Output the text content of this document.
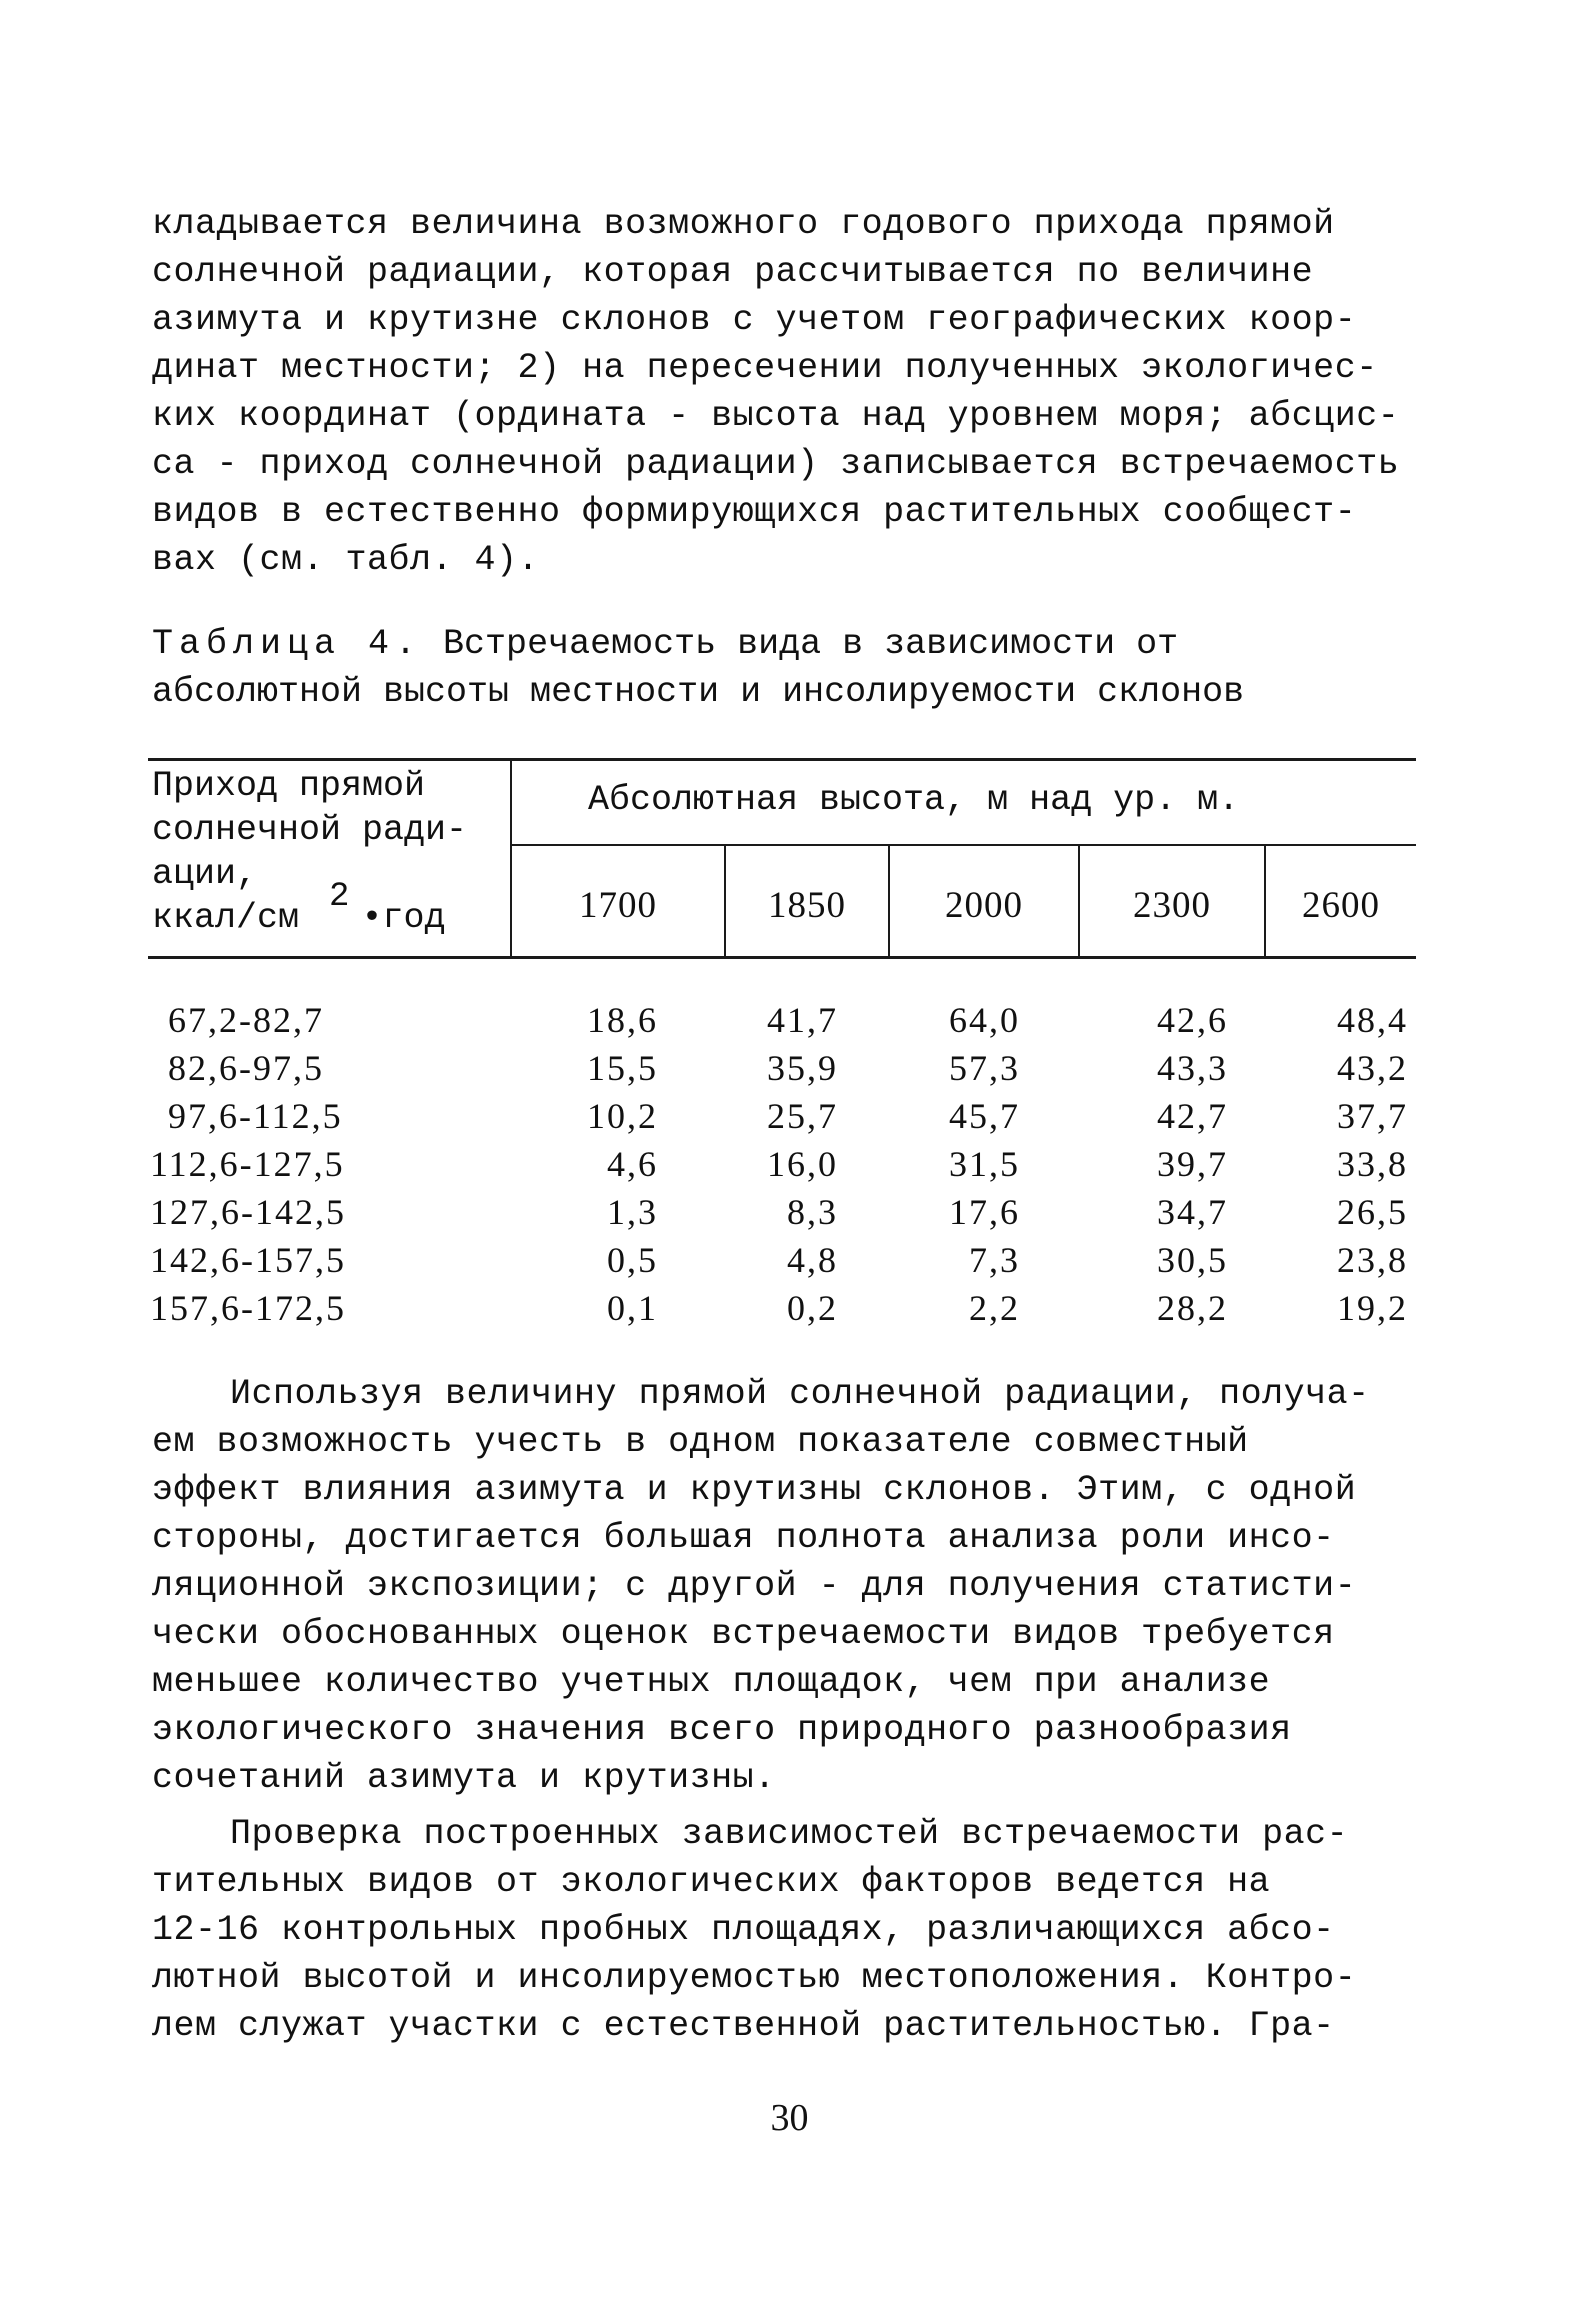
кладывается величина возможного годового прихода прямой
солнечной радиации, которая рассчитывается по величине
азимута и крутизне склонов с учетом географических коор-
динат местности; 2) на пересечении полученных экологичес-
ких координат (ордината - высота над уровнем моря; абсцис-
са - приход солнечной радиации) записывается встречаемость
видов в естественно формирующихся растительных сообщест-
вах (см. табл. 4).
Таблица 4. Встречаемость вида в зависимости от
абсолютной высоты местности и инсолируемости склонов
Приход прямой
солнечной ради-
ации,
ккал/см2•год
Абсолютная высота, м над ур. м.
1700	1850	2000	2300	2600
67,2-82,7	18,6	41,7	64,0	42,6	48,4
82,6-97,5	15,5	35,9	57,3	43,3	43,2
97,6-112,5	10,2	25,7	45,7	42,7	37,7
112,6-127,5	4,6	16,0	31,5	39,7	33,8
127,6-142,5	1,3	8,3	17,6	34,7	26,5
142,6-157,5	0,5	4,8	7,3	30,5	23,8
157,6-172,5	0,1	0,2	2,2	28,2	19,2
Используя величину прямой солнечной радиации, получа-
ем возможность учесть в одном показателе совместный
эффект влияния азимута и крутизны склонов. Этим, с одной
стороны, достигается большая полнота анализа роли инсо-
ляционной экспозиции; с другой - для получения статисти-
чески обоснованных оценок встречаемости видов требуется
меньшее количество учетных площадок, чем при анализе
экологического значения всего природного разнообразия
сочетаний азимута и крутизны.
Проверка построенных зависимостей встречаемости рас-
тительных видов от экологических факторов ведется на
12-16 контрольных пробных площадях, различающихся абсо-
лютной высотой и инсолируемостью местоположения. Контро-
лем служат участки с естественной растительностью. Гра-
30
